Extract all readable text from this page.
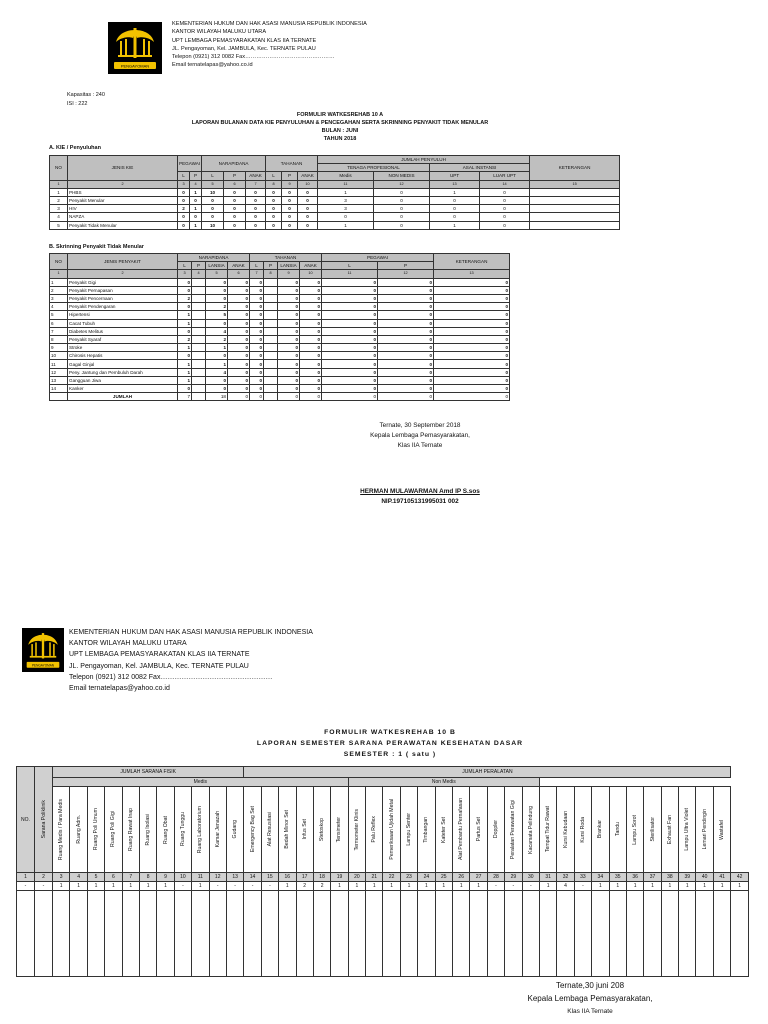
PENGAYOMAN
KEMENTERIAN HUKUM DAN HAK ASASI MANUSIA REPUBLIK INDONESIA
KANTOR WILAYAH MALUKU UTARA
UPT LEMBAGA PEMASYARAKATAN KLAS IIA TERNATE
JL. Pengayoman, Kel. JAMBULA, Kec. TERNATE PULAU
Telepon (0921) 312 0082 Fax…………………………………………
Email ternatelapas@yahoo.co.id
Kapasitas : 240
ISI : 222
FORMULIR WATKESREHAB 10 A
LAPORAN BULANAN DATA KIE PENYULUHAN & PENCEGAHAN SERTA SKRINNING PENYAKIT TIDAK MENULAR
BULAN : JUNI
TAHUN 2018
A. KIE / Penyuluhan
NO	JENIS KIE	PEGAWAI		NARAPIDANA			TAHANAN			JUMLAH PENYULUH				KETERANGAN
										TENAGA PROFESIONAL		ASAL INSTANSI		
		L	P	L	P	ANAK	L	P	ANAK	Medis	NON MEDIS	UPT	LUAR UPT	
1	2	3	4	5	6	7	8	9	10	11	12	13	14	15
1	PHBS	0	1	10	0	0	0	0	0	1	0	1	0	
2	Penyakit Menular	0	0	0	0	0	0	0	0	3	0	0	0	
3	HIV	2	1	0	0	0	0	0	0	3	0	0	0	
4	NAPZA	0	0	0	0	0	0	0	0	0	0	0	0	
5	Penyakit Tidak Menular	0	1	10	0	0	0	0	0	1	0	1	0	
B. Skrinning Penyakit Tidak Menular
NO	JENIS PENYAKIT	NARAPIDANA				TAHANAN				PEGAWAI		KETERANGAN
		L	P	LANSIA	ANAK	L	P	LANSIA	ANAK	L	P	
1	2	3	4	5	6	7	8	9	10	11	12	13
1	Penyakit Gigi	0		0	0	0		0	0	0	0	0
2	Penyakit Pernapasan	0		0	0	0		0	0	0	0	0
3	Penyakit Pencernaan	2		0	0	0		0	0	0	0	0
4	Penyakit Pendengaran	0		2	0	0		0	0	0	0	0
5	Hipertensi	1		5	0	0		0	0	0	0	0
6	Cacat Tubuh	1		0	0	0		0	0	0	0	0
7	Diabetes Melitus	0		4	0	0		0	0	0	0	0
8	Penyakit Syaraf	2		2	0	0		0	0	0	0	0
9	Stroke	1		1	0	0		0	0	0	0	0
10	Chirosis Hepatis	0		0	0	0		0	0	0	0	0
11	Gagal Ginjal	1		1	0	0		0	0	0	0	0
12	Peny. Jantung dan Pembuluh Darah	1		4	0	0		0	0	0	0	0
13	Gangguan Jiwa	1		0	0	0		0	0	0	0	0
14	Kanker	0		0	0	0		0	0	0	0	0
	JUMLAH	7		18	0	0		0	0	0	0	0
Ternate, 30 September 2018
Kepala Lembaga Pemasyarakatan,
Klas IIA Ternate
HERMAN MULAWARMAN Amd IP S.sos
NIP.197105131995031 002
PENGAYOMAN
KEMENTERIAN HUKUM DAN HAK ASASI MANUSIA REPUBLIK INDONESIA
KANTOR WILAYAH MALUKU UTARA
UPT LEMBAGA PEMASYARAKATAN KLAS IIA TERNATE
JL. Pengayoman, Kel. JAMBULA, Kec. TERNATE PULAU
Telepon (0921) 312 0082 Fax…………………………………………
Email ternatelapas@yahoo.co.id
FORMULIR WATKESREHAB 10 B
LAPORAN SEMESTER SARANA PERAWATAN KESEHATAN DASAR
SEMESTER : 1 ( satu )
NO.	Sarana Poliklinik	JUMLAH SARANA FISIK											JUMLAH PERALATAN																												
		Medis																	Non Medis																						

		Ruang Medis / Para Medis	Ruang Adm.	Ruang Poli Umum	Ruang Poli Gigi	Ruang Rawat Inap	Ruang Isolasi	Ruang Obat	Ruang Tunggu	Ruang Laboratorium	Kamar Jenazah	Gudang	Emergency Bag Set	Alat Resusitasi	Bedah Minor Set	Infus Set	Stetoskop	Tensimeter	Termometer Klinis	Palu Reflex	Pemeriksaan Ujidah Metal	Lampu Senter	Timbangan	Kateter Set	Alat Pembantu Pernafasan	Partus Set	Doppler	Peralatan Perawatan Gigi	Kacamata Pelindung	Tempat Tidur Rawat	Kursi Kebudaan	Kursi Roda	Brankar	Tandu	Lampu Sorot	Sterilisator	Exhaust Fan	Lampu Ultra Violet	Lemari Pendingin	Wastafel	

1	2	3	4	5	6	7	8	9	10	11	12	13	14	15	16	17	18	19	20	21	22	23	24	25	26	27	28	29	30	31	32	33	34	35	36	37	38	39	40	41	42
-	-	1	1	1	1	1	1	1	-	1	-	-	-	-	1	2	2	1	1	1	1	1	1	1	1	1	-	-	-	1	4	-	1	1	1	1	1	1	1	1	1

Ternate,30 juni 208
Kepala Lembaga Pemasyarakatan,
Klas IIA Ternate
